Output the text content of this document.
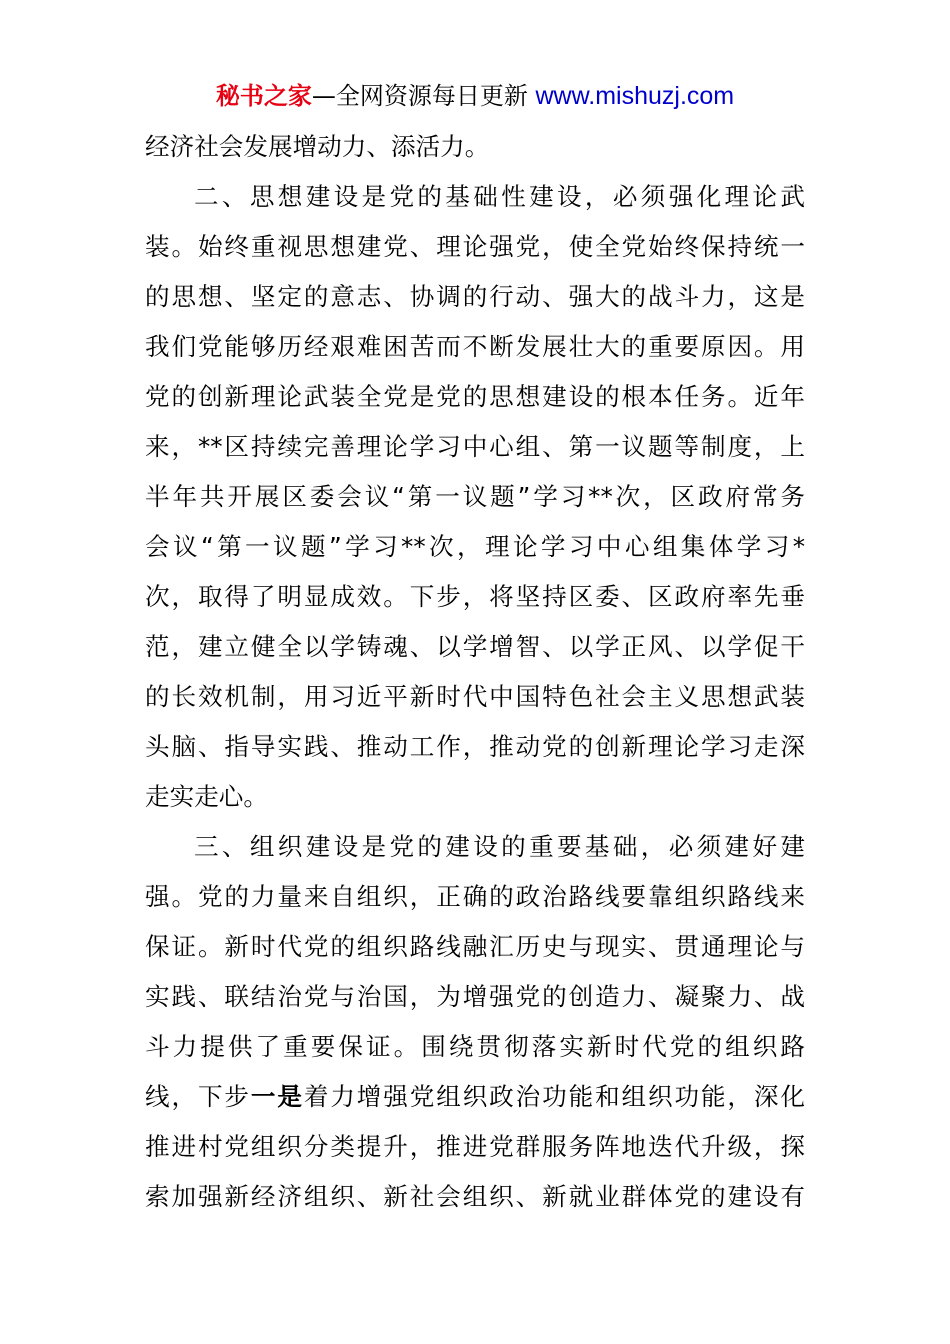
秘书之家—全网资源每日更新 www.mishuzj.com
经济社会发展增动力、添活力。
二、思想建设是党的基础性建设，必须强化理论武
装。始终重视思想建党、理论强党，使全党始终保持统一
的思想、坚定的意志、协调的行动、强大的战斗力，这是
我们党能够历经艰难困苦而不断发展壮大的重要原因。用
党的创新理论武装全党是党的思想建设的根本任务。近年
来，**区持续完善理论学习中心组、第一议题等制度，上
半年共开展区委会议“第一议题”学习**次，区政府常务
会议“第一议题”学习**次，理论学习中心组集体学习*
次，取得了明显成效。下步，将坚持区委、区政府率先垂
范，建立健全以学铸魂、以学增智、以学正风、以学促干
的长效机制，用习近平新时代中国特色社会主义思想武装
头脑、指导实践、推动工作，推动党的创新理论学习走深
走实走心。
三、组织建设是党的建设的重要基础，必须建好建
强。党的力量来自组织，正确的政治路线要靠组织路线来
保证。新时代党的组织路线融汇历史与现实、贯通理论与
实践、联结治党与治国，为增强党的创造力、凝聚力、战
斗力提供了重要保证。围绕贯彻落实新时代党的组织路
线，下步一是着力增强党组织政治功能和组织功能，深化
推进村党组织分类提升，推进党群服务阵地迭代升级，探
索加强新经济组织、新社会组织、新就业群体党的建设有
